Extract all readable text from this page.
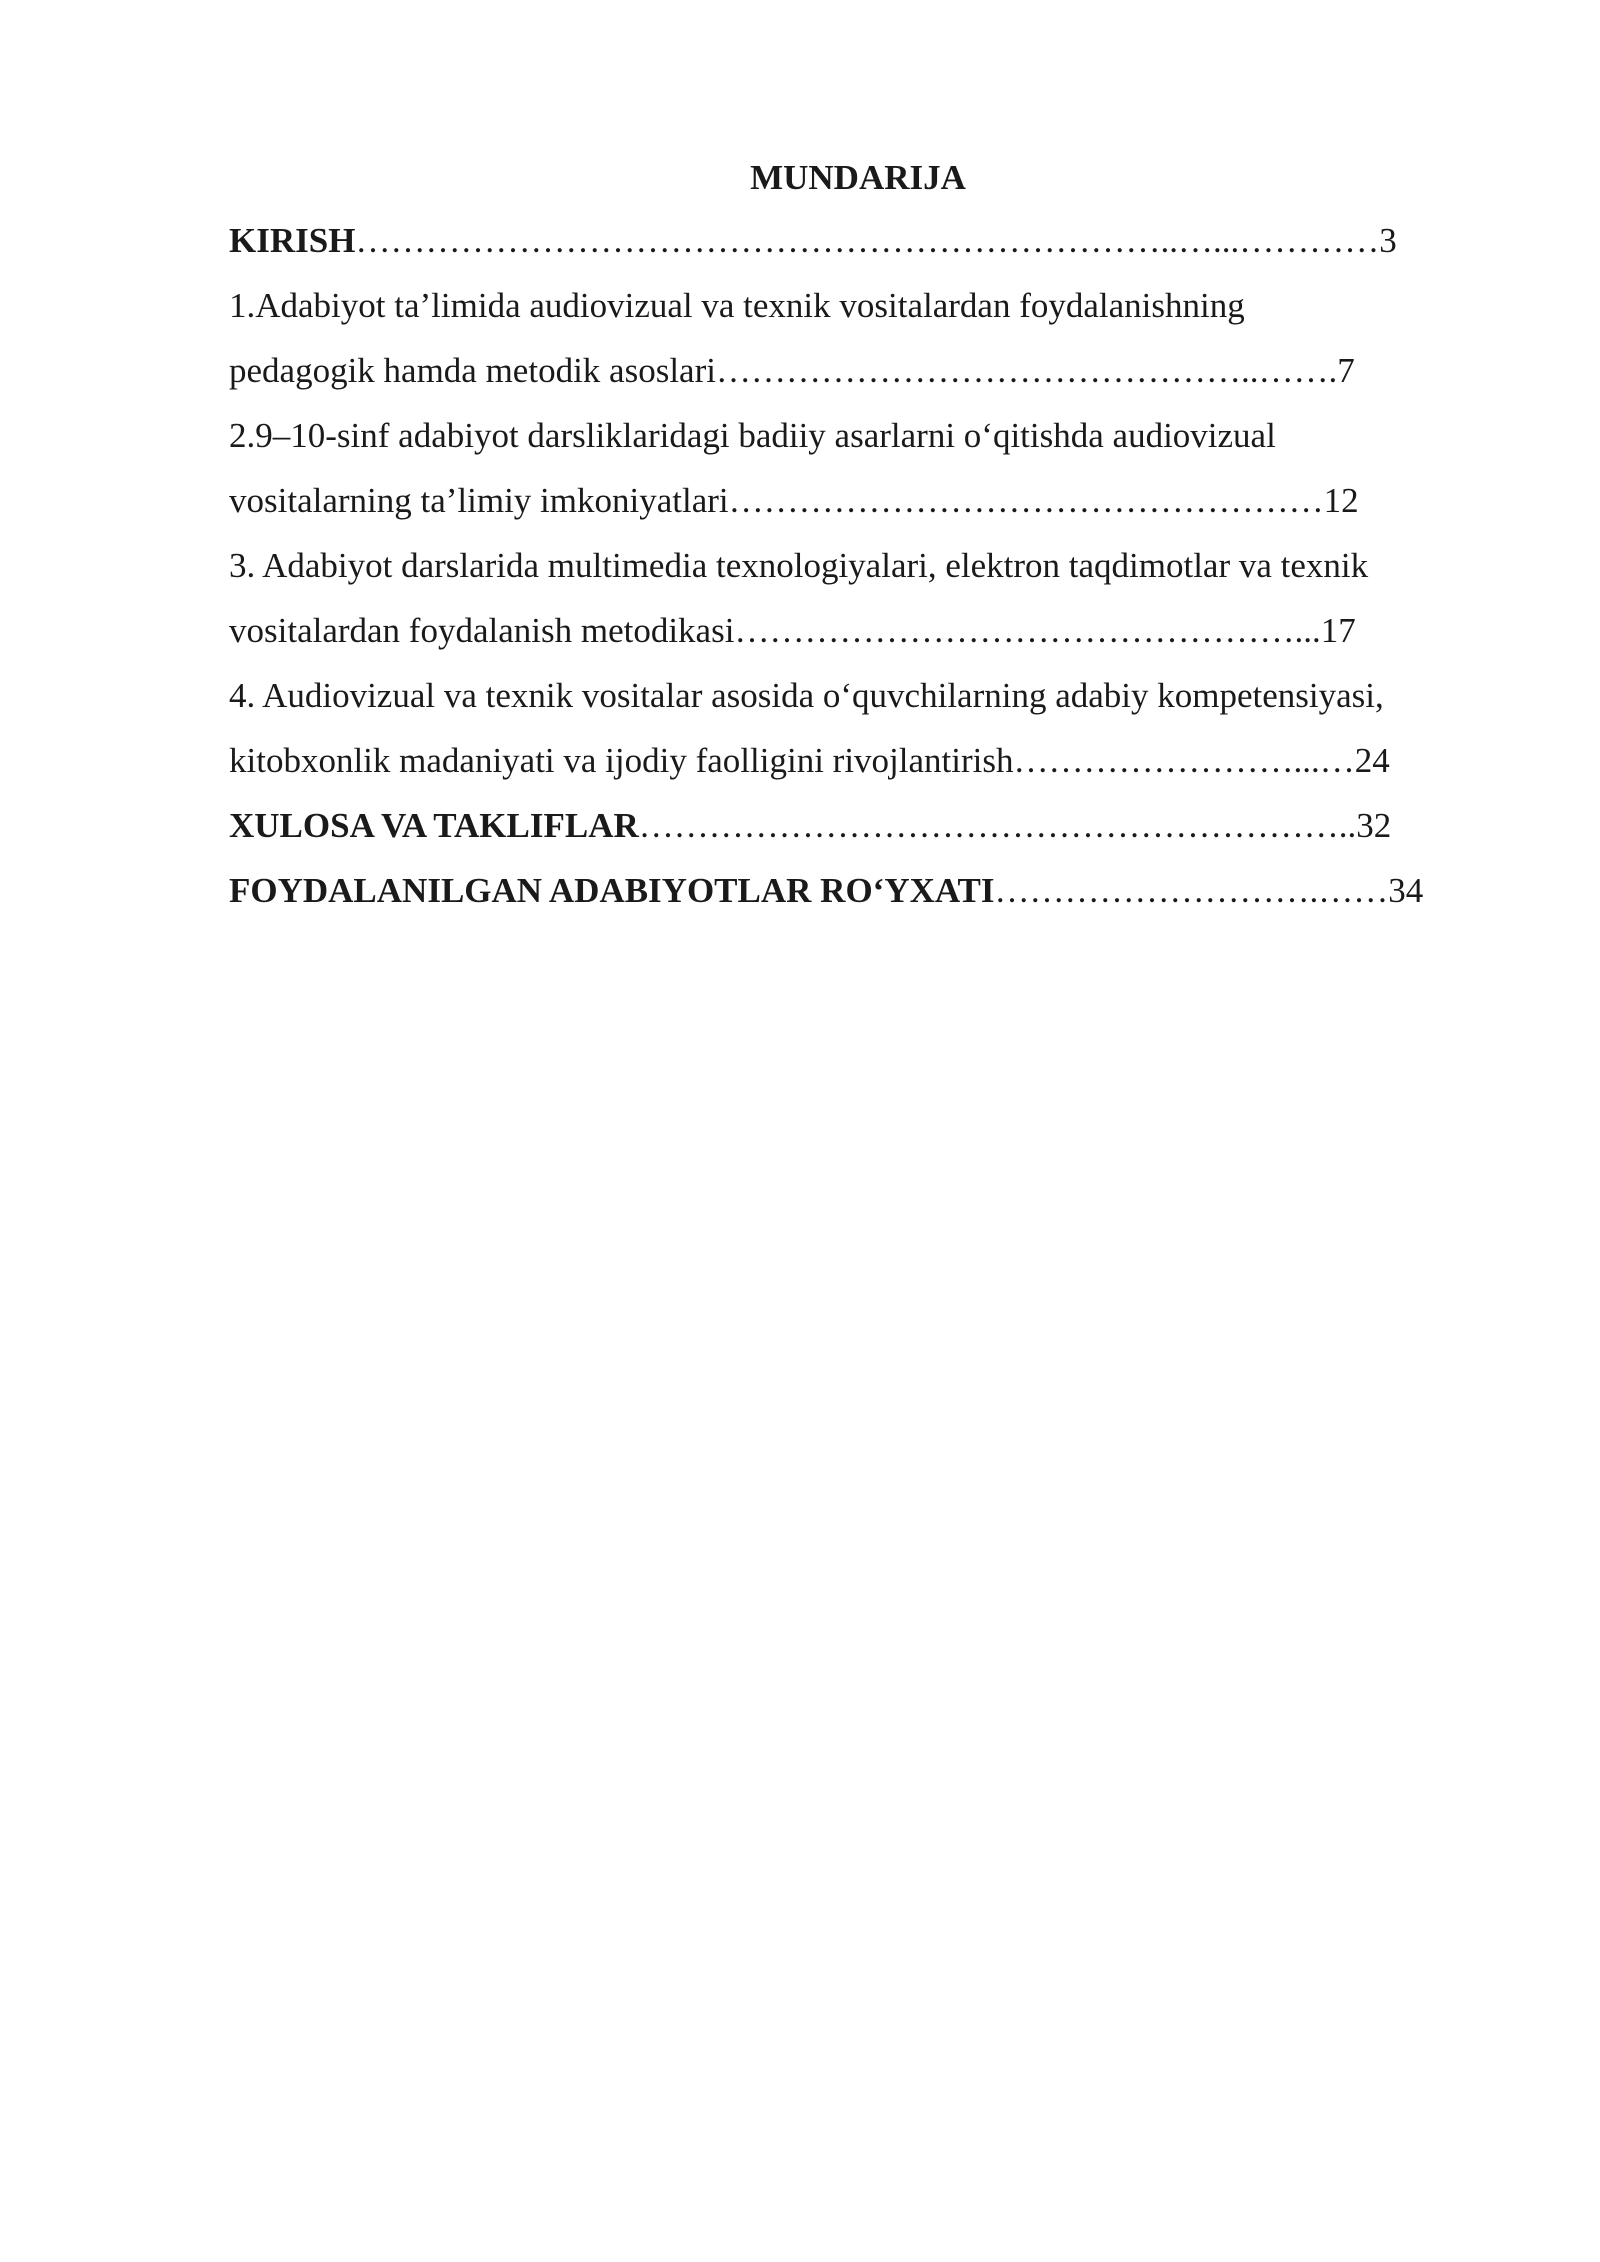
MUNDARIJA
KIRISH……………………………………………………………..…...…………3
1.Adabiyot ta’limida audiovizual va texnik vositalardan foydalanishning
pedagogik hamda metodik asoslari………………………………………..…….7
2.9–10-sinf adabiyot darsliklaridagi badiiy asarlarni o‘qitishda audiovizual
vositalarning ta’limiy imkoniyatlari……………………………………………12
3. Adabiyot darslarida multimedia texnologiyalari, elektron taqdimotlar va texnik
vositalardan foydalanish metodikasi…………………………………………...17
4. Audiovizual va texnik vositalar asosida o‘quvchilarning adabiy kompetensiyasi,
kitobxonlik madaniyati va ijodiy faolligini rivojlantirish……………………...…24
XULOSA VA TAKLIFLAR……………………………………………………..32
FOYDALANILGAN ADABIYOTLAR RO‘YXATI……………………….……34
